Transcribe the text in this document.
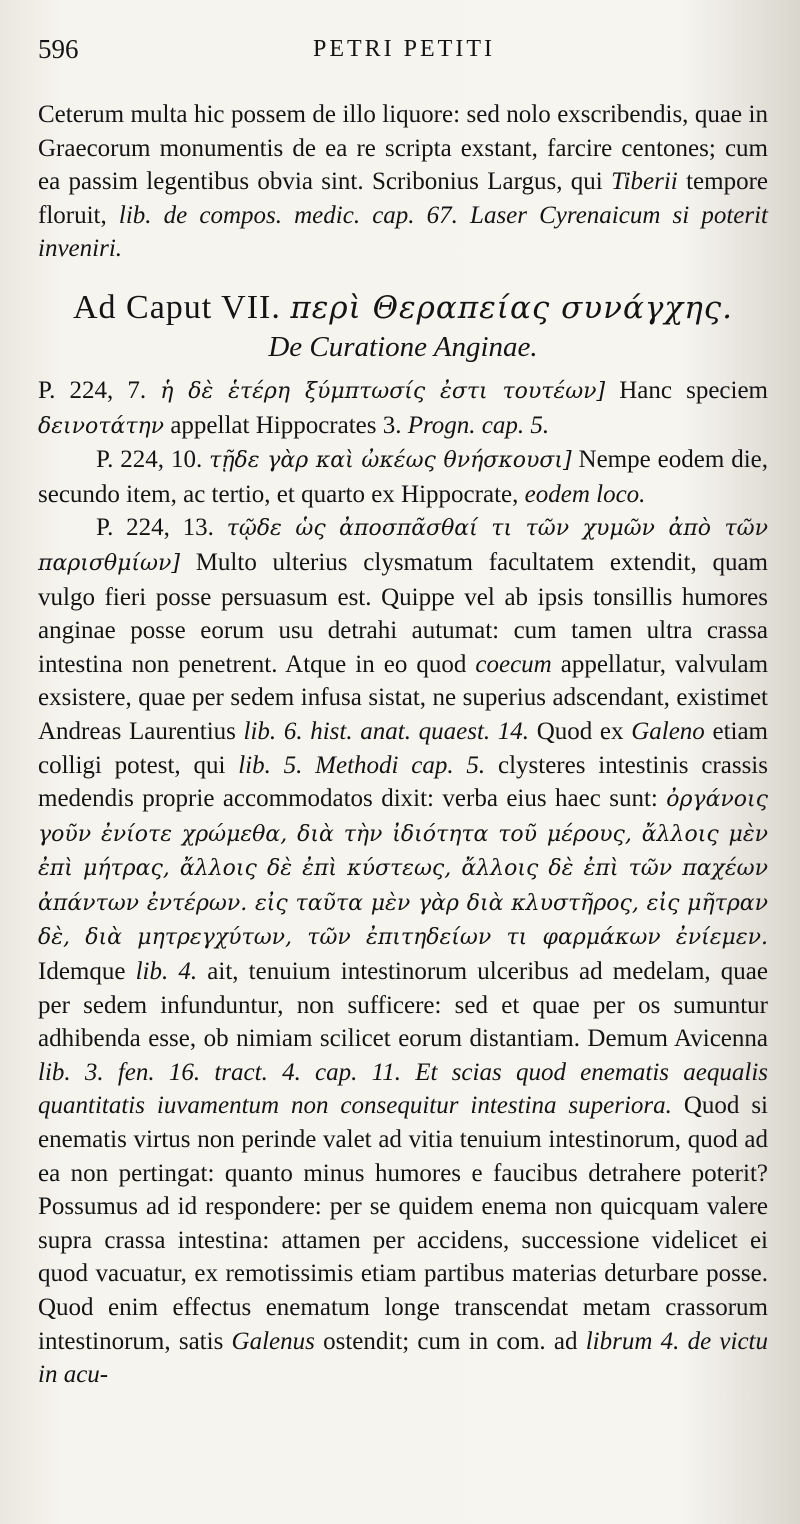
596	PETRI PETITI

Ceterum multa hic possem de illo liquore: sed nolo exscribendis, quae in Graecorum monumentis de ea re scripta exstant, farcire centones; cum ea passim legentibus obvia sint. Scribonius Largus, qui Tiberii tempore floruit, lib. de compos. medic. cap. 67. Laser Cyrenaicum si poterit inveniri.

Ad Caput VII. περὶ Θεραπείας συνάγχης.
De Curatione Anginae.

P. 224, 7. ἡ δὲ ἑτέρη ξύμπτωσίς ἐστι τουτέων] Hanc speciem δεινοτάτην appellat Hippocrates 3. Progn. cap. 5.

P. 224, 10. τῇδε γὰρ καὶ ὠκέως θνήσκουσι] Nempe eodem die, secundo item, ac tertio, et quarto ex Hippocrate, eodem loco.

P. 224, 13. τῷδε ὡς ἀποσπᾶσθαί τι τῶν χυμῶν ἀπὸ τῶν παρισθμίων] Multo ulterius clysmatum facultatem extendit, quam vulgo fieri posse persuasum est. Quippe vel ab ipsis tonsillis humores anginae posse eorum usu detrahi autumat: cum tamen ultra crassa intestina non penetrent. Atque in eo quod coecum appellatur, valvulam exsistere, quae per sedem infusa sistat, ne superius adscendant, existimet Andreas Laurentius lib. 6. hist. anat. quaest. 14. Quod ex Galeno etiam colligi potest, qui lib. 5. Methodi cap. 5. clysteres intestinis crassis medendis proprie accommodatos dixit: verba eius haec sunt: ὀργάνοις γοῦν ἐνίοτε χρώμεθα, διὰ τὴν ἰδιότητα τοῦ μέρους, ἄλλοις μὲν ἐπὶ μήτρας, ἄλλοις δὲ ἐπὶ κύστεως, ἄλλοις δὲ ἐπὶ τῶν παχέων ἀπάντων ἐντέρων. εἰς ταῦτα μὲν γὰρ διὰ κλυστῆρος, εἰς μῆτραν δὲ, διὰ μητρεγχύτων, τῶν ἐπιτηδείων τι φαρμάκων ἐνίεμεν. Idemque lib. 4. ait, tenuium intestinorum ulceribus ad medelam, quae per sedem infunduntur, non sufficere: sed et quae per os sumuntur adhibenda esse, ob nimiam scilicet eorum distantiam. Demum Avicenna lib. 3. fen. 16. tract. 4. cap. 11. Et scias quod enematis aequalis quantitatis iuvamentum non consequitur intestina superiora. Quod si enematis virtus non perinde valet ad vitia tenuium intestinorum, quod ad ea non pertingat: quanto minus humores e faucibus detrahere poterit? Possumus ad id respondere: per se quidem enema non quicquam valere supra crassa intestina: attamen per accidens, successione videlicet ei quod vacuatur, ex remotissimis etiam partibus materias deturbare posse. Quod enim effectus enematum longe transcendat metam crassorum intestinorum, satis Galenus ostendit; cum in com. ad librum 4. de victu in acu-
